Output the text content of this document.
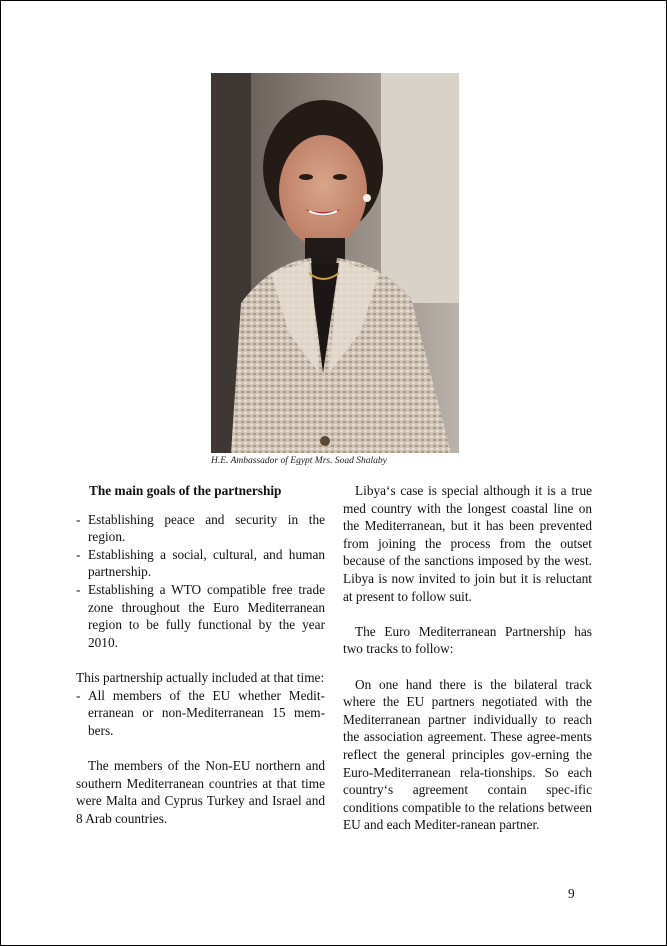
H.E. Ambassador of Egypt Mrs. Soad Shalaby

The main goals of the partnership

- Establishing peace and security in the region.

- Establishing a social, cultural, and human partnership.

- Establishing a WTO compatible free trade zone throughout the Euro Mediterranean region to be fully functional by the year 2010.

This partnership actually included at that time:

- All members of the EU whether Medit-erranean or non-Mediterranean 15 mem-bers.

The members of the Non-EU northern and southern Mediterranean countries at that time were Malta and Cyprus Turkey and Israel and 8 Arab countries.

Libya‘s case is special although it is a true med country with the longest coastal line on the Mediterranean, but it has been prevented from joining the process from the outset because of the sanctions imposed by the west. Libya is now invited to join but it is reluctant at present to follow suit.

The Euro Mediterranean Partnership has two tracks to follow:

On one hand there is the bilateral track where the EU partners negotiated with the Mediterranean partner individually to reach the association agreement. These agree-ments reflect the general principles gov-erning the Euro-Mediterranean rela-tionships. So each country‘s agreement contain spec-ific conditions compatible to the relations between EU and each Mediter-ranean partner.

9
